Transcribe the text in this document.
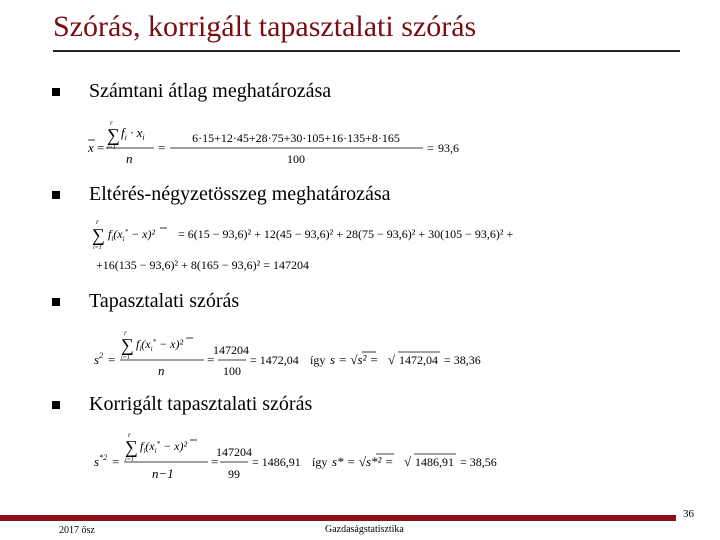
Szórás, korrigált tapasztalati szórás
Számtani átlag meghatározása
x =
r
∑
i=1
$f_i \cdot x_i$
n
=
6·15+12·45+28·75+30·105+16·135+8·165
100
= 93,6
Eltérés-négyzetösszeg meghatározása
r
∑
i=1
$f_i(x_i^* - x)^2 = 6(15 - 93,6)^2 + 12(45 - 93,6)^2 + 28(75 - 93,6)^2 + 30(105 - 93,6)^2$ +
+16(135 − 93,6)² + 8(165 − 93,6)² = 147204
Tapasztalati szórás
$s^2$ =
r
∑
i=1
$f_i(x_i^* - x)^2$
n
=
147204
100
= 1472,04 így s = √s² = √ 1472,04 = 38,36
Korrigált tapasztalati szórás
$s^{*2}$ =
r
∑
i=1
$f_i(x_i^* - x)^2$
n−1
=
147204
99
= 1486,91 így s* = √s*² = √ 1486,91 = 38,56
36
2017 ősz	Gazdaságstatisztika
